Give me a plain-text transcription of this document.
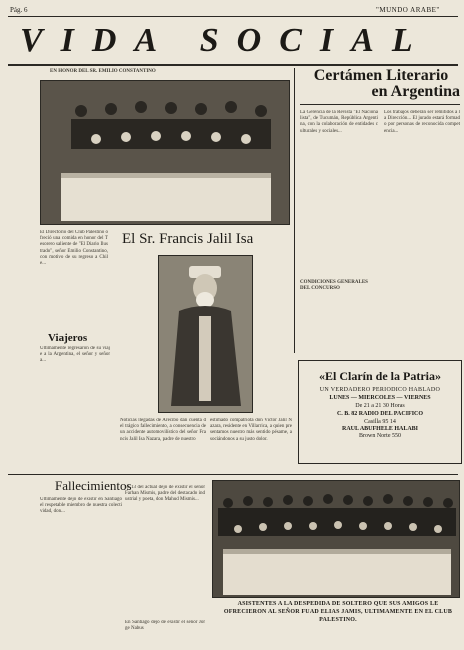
Pág. 6	"MUNDO ARABE"
VIDA SOCIAL
EN HONOR DEL SR. EMILIO CONSTANTINO
El Directorio del Club Palestino ofreció una comida en honor del Tesorero saliente de "El Diario Ilustrado", señor Emilio Constantino, con motivo de su regreso a Chile...
Certámen Literario
en Argentina
La Gerencia de la Revista "El Nacionalista", de Tucumán, República Argentina, con la colaboración de entidades culturales y sociales...
CONDICIONES GENERALES DEL CONCURSO
Los trabajos deberán ser remitidos a la Dirección... El jurado estará formado por personas de reconocida competencia...
El Sr. Francis Jalil Isa
Noticias llegadas de Arecibo dan cuenta del trágico fallecimiento, a consecuencia de un accidente automovilístico del señor Francis Jalil Isa Nazara, padre de nuestro
estimado compatriota don Victor Jalil Nazara, residente en Villarrica, a quien presentamos nuestro más sentido pésame, asociándonos a su justo dolor.
Viajeros
Ultimamente regresaron de su viaje a la Argentina, el señor y señora...
«El Clarín de la Patria»
UN VERDADERO PERIODICO HABLADO
LUNES — MIERCOLES — VIERNES
De 21 a 21 30 Horas
C. B. 82 RADIO DEL PACIFICO
Casilla 95 14
RAUL ABUFHELE HALABI
Brown Norte 550
Fallecimientos
Ultimamente dejó de existir en Santiago el respetable miembro de nuestra colectividad, don...
El 13 del actual dejó de existir el señor Farhan Mismis, padre del destacado industrial y poeta, don Mahud Mismis...
En Santiago dejó de existir el señor Jorge Nabus
ASISTENTES A LA DESPEDIDA DE SOLTERO QUE SUS AMIGOS LE OFRECIERON AL SEÑOR FUAD ELIAS JAMIS, ULTIMAMENTE EN EL CLUB PALESTINO.
